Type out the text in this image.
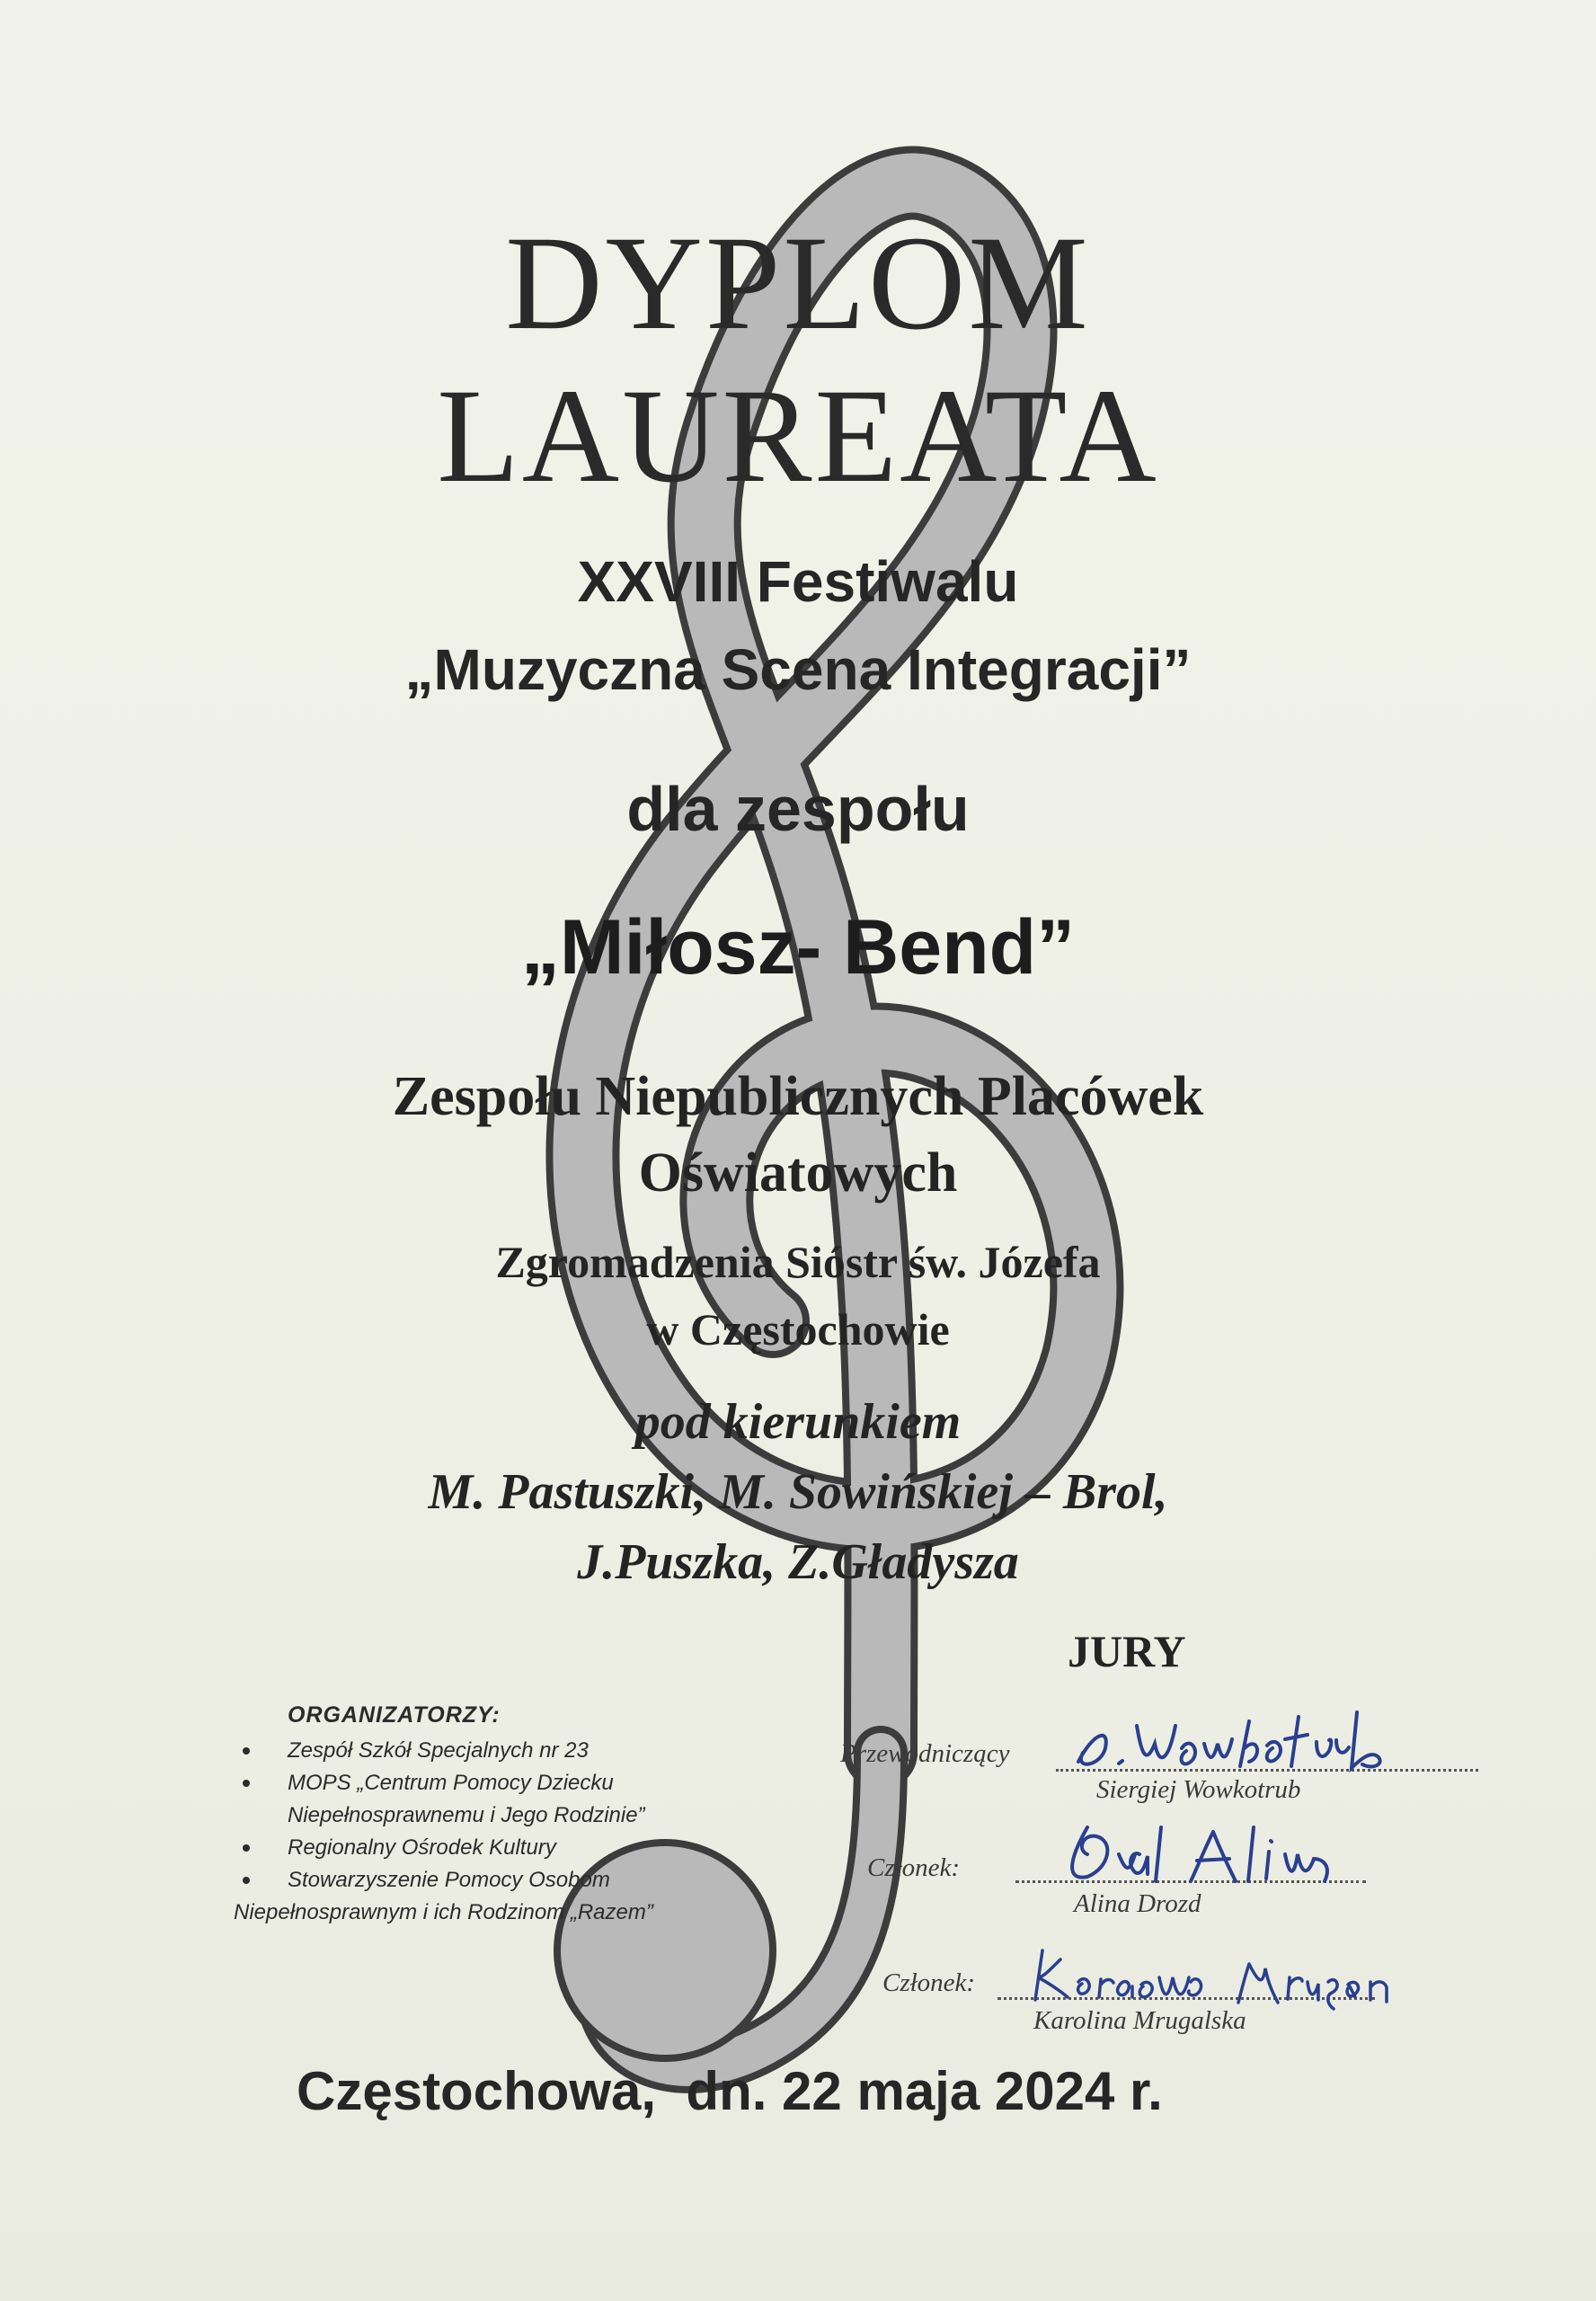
DYPLOM
LAUREATA
XXVIII Festiwalu
„Muzyczna Scena Integracji”
dla zespołu
„Miłosz- Bend”
Zespołu Niepublicznych Placówek
Oświatowych
Zgromadzenia Sióstr św. Józefa
w Częstochowie
pod kierunkiem
M. Pastuszki, M. Sowińskiej – Brol,
J.Puszka, Z.Gładysza
ORGANIZATORZY:
Zespół Szkół Specjalnych nr 23
MOPS „Centrum Pomocy Dziecku
Niepełnosprawnemu i Jego Rodzinie”
Regionalny Ośrodek Kultury
Stowarzyszenie Pomocy Osobom
Niepełnosprawnym i ich Rodzinom „Razem”
JURY
Przewodniczący
Siergiej Wowkotrub
Członek:
Alina Drozd
Członek:
Karolina Mrugalska
Częstochowa,  dn. 22 maja 2024 r.
